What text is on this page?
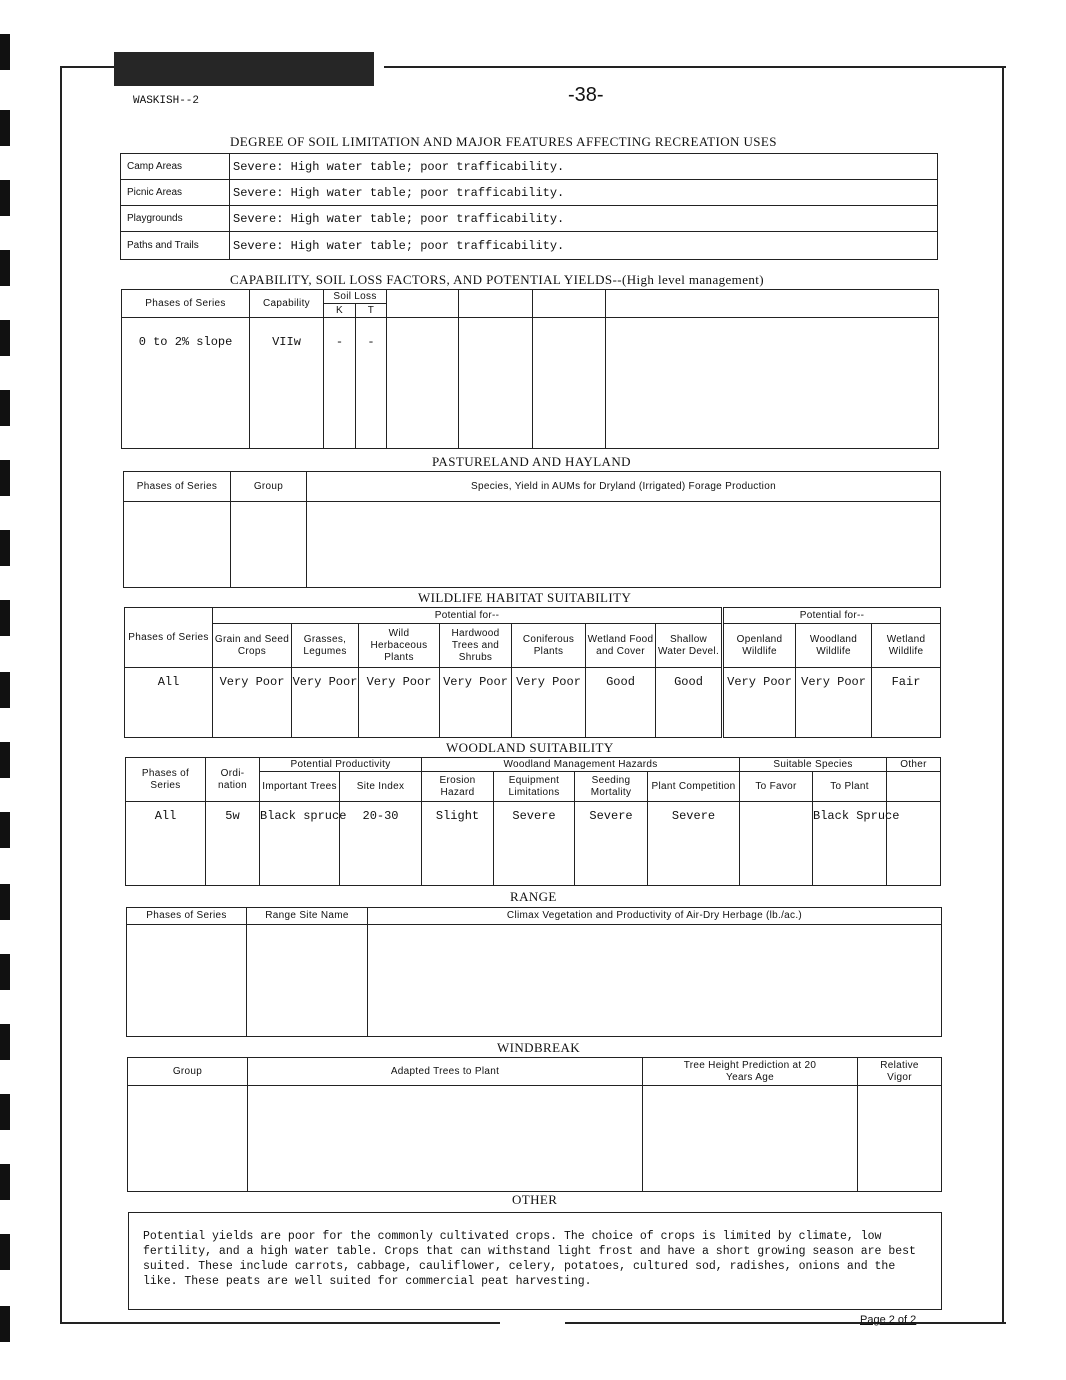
WASKISH--2	-38-
DEGREE OF SOIL LIMITATION AND MAJOR FEATURES AFFECTING RECREATION USES
Camp Areas	Severe: High water table; poor trafficability.
Picnic Areas	Severe: High water table; poor trafficability.
Playgrounds	Severe: High water table; poor trafficability.
Paths and Trails	Severe: High water table; poor trafficability.
CAPABILITY, SOIL LOSS FACTORS, AND POTENTIAL YIELDS--(High level management)
Phases of Series	Capability	Soil Loss					
		K	T				
0 to 2% slope	VIIw	-	-				
PASTURELAND AND HAYLAND
Phases of Series	Group	Species, Yield in AUMs for Dryland (Irrigated) Forage Production

WILDLIFE HABITAT SUITABILITY
Phases of Series	Potential for--							Potential for--		
	Grain and Seed Crops	Grasses, Legumes	Wild Herbaceous Plants	Hardwood Trees and Shrubs	Coniferous Plants	Wetland Food and Cover	Shallow Water Devel.	Openland Wildlife	Woodland Wildlife	Wetland Wildlife
All	Very Poor	Very Poor	Very Poor	Very Poor	Very Poor	Good	Good	Very Poor	Very Poor	Fair
WOODLAND SUITABILITY
Phases of Series	Ordi- nation	Potential Productivity		Woodland Management Hazards				Suitable Species		Other
		Important Trees	Site Index	Erosion Hazard	Equipment Limitations	Seeding Mortality	Plant Competition	To Favor	To Plant	
All	5w	Black spruce	20-30	Slight	Severe	Severe	Severe		Black Spruce	
RANGE
Phases of Series	Range Site Name	Climax Vegetation and Productivity of Air-Dry Herbage (lb./ac.)

WINDBREAK
Group	Adapted Trees to Plant	Tree Height Prediction at 20 Years Age	Relative Vigor

OTHER
Potential yields are poor for the commonly cultivated crops. The choice of crops is limited by climate, low fertility, and a high water table. Crops that can withstand light frost and have a short growing season are best suited. These include carrots, cabbage, cauliflower, celery, potatoes, cultured sod, radishes, onions and the like. These peats are well suited for commercial peat harvesting.
Page 2 of 2
